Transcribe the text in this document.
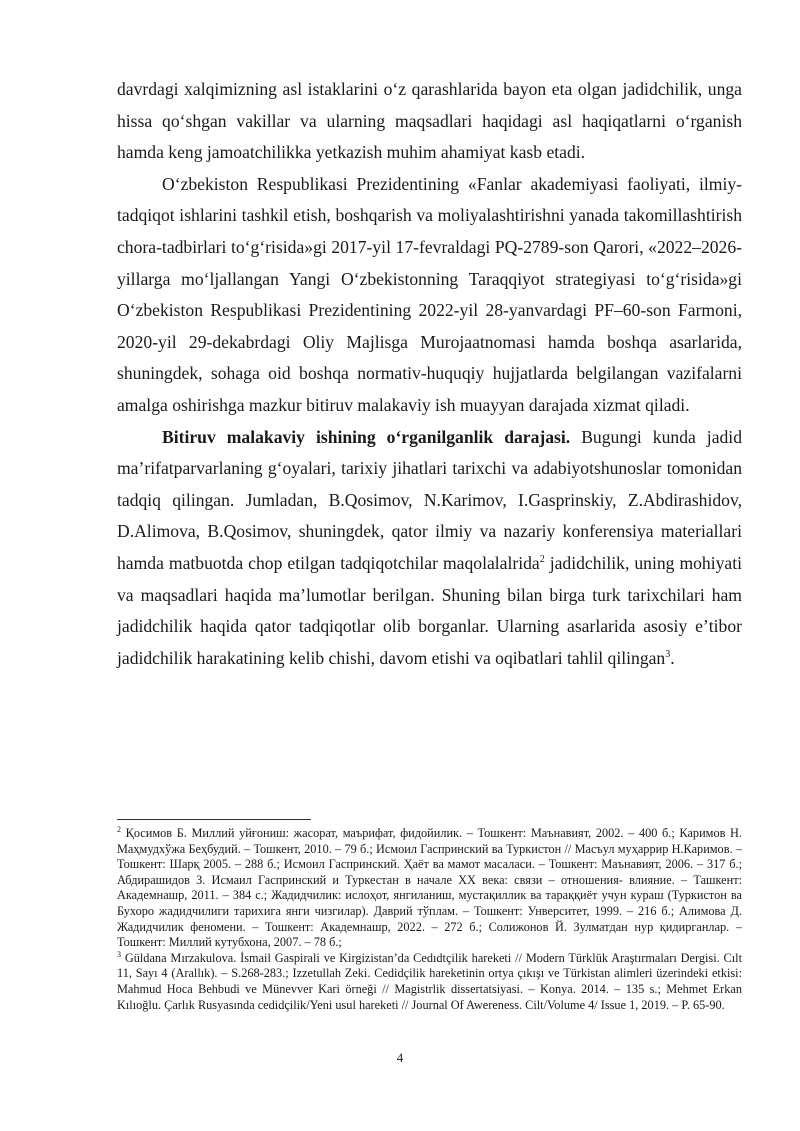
davrdagi xalqimizning asl istaklarini oʻz qarashlarida bayon eta olgan jadidchilik, unga hissa qoʻshgan vakillar va ularning maqsadlari haqidagi asl haqiqatlarni oʻrganish hamda keng jamoatchilikka yetkazish muhim ahamiyat kasb etadi.

Oʻzbekiston Respublikasi Prezidentining «Fanlar akademiyasi faoliyati, ilmiy-tadqiqot ishlarini tashkil etish, boshqarish va moliyalashtirishni yanada takomillashtirish chora-tadbirlari toʻgʻrisida»gi 2017-yil 17-fevraldagi PQ-2789-son Qarori, «2022–2026-yillarga moʻljallangan Yangi Oʻzbekistonning Taraqqiyot strategiyasi toʻgʻrisida»gi Oʻzbekiston Respublikasi Prezidentining 2022-yil 28-yanvardagi PF–60-son Farmoni, 2020-yil 29-dekabrdagi Oliy Majlisga Murojaatnomasi hamda boshqa asarlarida, shuningdek, sohaga oid boshqa normativ-huquqiy hujjatlarda belgilangan vazifalarni amalga oshirishga mazkur bitiruv malakaviy ish muayyan darajada xizmat qiladi.

Bitiruv malakaviy ishining oʻrganilganlik darajasi. Bugungi kunda jadid maʼrifatparvarlaning gʻoyalari, tarixiy jihatlari tarixchi va adabiyotshunoslar tomonidan tadqiq qilingan. Jumladan, B.Qosimov, N.Karimov, I.Gasprinskiy, Z.Abdirashidov, D.Alimova, B.Qosimov, shuningdek, qator ilmiy va nazariy konferensiya materiallari hamda matbuotda chop etilgan tadqiqotchilar maqolalalrida$^2$ jadidchilik, uning mohiyati va maqsadlari haqida maʼlumotlar berilgan. Shuning bilan birga turk tarixchilari ham jadidchilik haqida qator tadqiqotlar olib borganlar. Ularning asarlarida asosiy eʼtibor jadidchilik harakatining kelib chishi, davom etishi va oqibatlari tahlil qilingan$^3$.

$^2$ Қосимов Б. Миллий уйғониш: жасорат, маърифат, фидойилик. – Тошкент: Маънавият, 2002. – 400 б.; Каримов Н. Маҳмудхўжа Беҳбудий. – Тошкент, 2010. – 79 б.; Исмоил Гаспринский ва Туркистон // Масъул муҳаррир Н.Каримов. – Тошкент: Шарқ 2005. – 288 б.; Исмоил Гаспринский. Ҳаёт ва мамот масаласи. – Тошкент: Маънавият, 2006. – 317 б.; Абдирашидов З. Исмаил Гаспринский и Туркестан в начале XX века: связи – отношения- влияние. – Ташкент: Академнашр, 2011. – 384 с.; Жадидчилик: ислоҳот, янгиланиш, мустақиллик ва тараққиёт учун кураш (Туркистон ва Бухоро жадидчилиги тарихига янги чизгилар). Даврий тўплам. – Тошкент: Унверситет, 1999. – 216 б.; Алимова Д. Жадидчилик феномени. – Тошкент: Академнашр, 2022. – 272 б.; Солижонов Й. Зулматдан нур қидирганлар. – Тошкент: Миллий кутубхона, 2007. – 78 б.;

$^3$ Güldana Mırzakulova. İsmail Gaspirali ve Kirgizistan’da Cedıdtçilik hareketi // Modern Türklük Araştırmaları Dergisi. Cılt 11, Sayı 4 (Arallık). – S.268-283.; Izzetullah Zeki. Cedidçilik hareketinin ortya çıkışı ve Türkistan alimleri üzerindeki etkisi: Mahmud Hoca Behbudi ve Münevver Kari örneği // Magistrlik dissertatsiyasi. – Konya. 2014. – 135 s.; Mehmet Erkan Kılıoğlu. Çarlık Rusyasında cedidçilik/Yeni usul hareketi // Journal Of Awereness. Cilt/Volume 4/ Issue 1, 2019. – P. 65-90.

4
